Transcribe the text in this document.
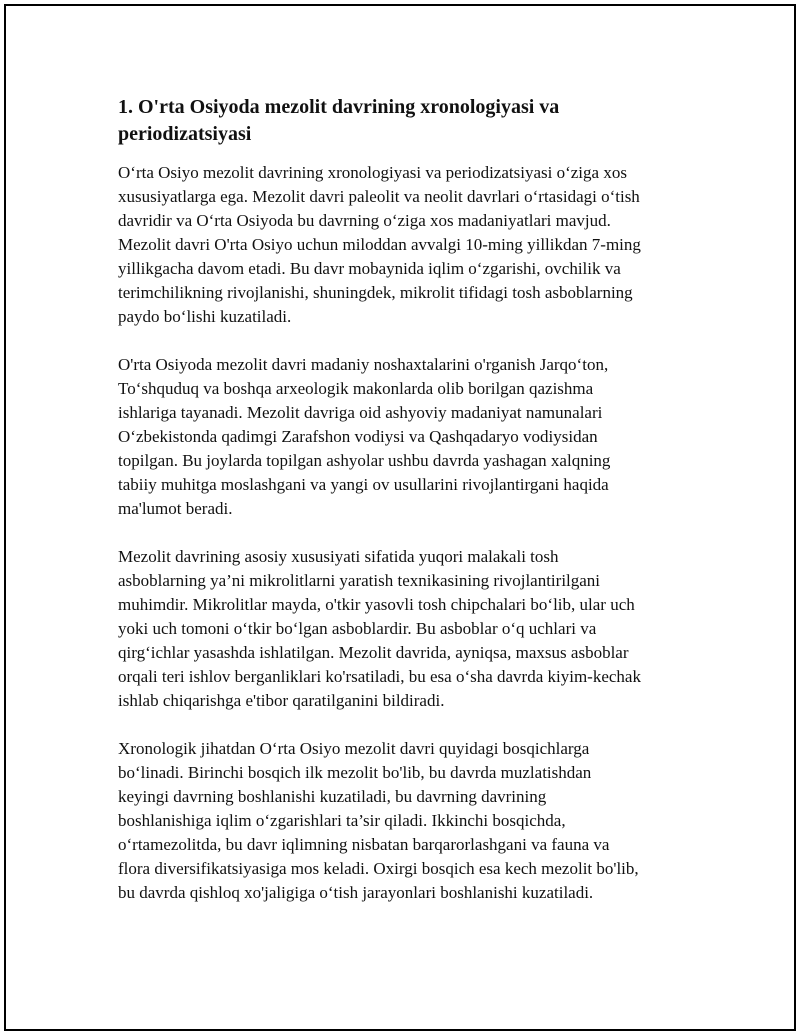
1. O'rta Osiyoda mezolit davrining xronologiyasi va
periodizatsiyasi

O‘rta Osiyo mezolit davrining xronologiyasi va periodizatsiyasi o‘ziga xos
xususiyatlarga ega. Mezolit davri paleolit va neolit davrlari o‘rtasidagi o‘tish
davridir va O‘rta Osiyoda bu davrning o‘ziga xos madaniyatlari mavjud.
Mezolit davri O'rta Osiyo uchun miloddan avvalgi 10-ming yillikdan 7-ming
yillikgacha davom etadi. Bu davr mobaynida iqlim o‘zgarishi, ovchilik va
terimchilikning rivojlanishi, shuningdek, mikrolit tifidagi tosh asboblarning
paydo bo‘lishi kuzatiladi.

O'rta Osiyoda mezolit davri madaniy noshaxtalarini o'rganish Jarqo‘ton,
To‘shquduq va boshqa arxeologik makonlarda olib borilgan qazishma
ishlariga tayanadi. Mezolit davriga oid ashyoviy madaniyat namunalari
O‘zbekistonda qadimgi Zarafshon vodiysi va Qashqadaryo vodiysidan
topilgan. Bu joylarda topilgan ashyolar ushbu davrda yashagan xalqning
tabiiy muhitga moslashgani va yangi ov usullarini rivojlantirgani haqida
ma'lumot beradi.

Mezolit davrining asosiy xususiyati sifatida yuqori malakali tosh
asboblarning ya’ni mikrolitlarni yaratish texnikasining rivojlantirilgani
muhimdir. Mikrolitlar mayda, o'tkir yasovli tosh chipchalari bo‘lib, ular uch
yoki uch tomoni o‘tkir bo‘lgan asboblardir. Bu asboblar o‘q uchlari va
qirg‘ichlar yasashda ishlatilgan. Mezolit davrida, ayniqsa, maxsus asboblar
orqali teri ishlov berganliklari ko'rsatiladi, bu esa o‘sha davrda kiyim-kechak
ishlab chiqarishga e'tibor qaratilganini bildiradi.

Xronologik jihatdan O‘rta Osiyo mezolit davri quyidagi bosqichlarga
bo‘linadi. Birinchi bosqich ilk mezolit bo'lib, bu davrda muzlatishdan
keyingi davrning boshlanishi kuzatiladi, bu davrning davrining
boshlanishiga iqlim o‘zgarishlari ta’sir qiladi. Ikkinchi bosqichda,
o‘rtamezolitda, bu davr iqlimning nisbatan barqarorlashgani va fauna va
flora diversifikatsiyasiga mos keladi. Oxirgi bosqich esa kech mezolit bo'lib,
bu davrda qishloq xo'jaligiga o‘tish jarayonlari boshlanishi kuzatiladi.
